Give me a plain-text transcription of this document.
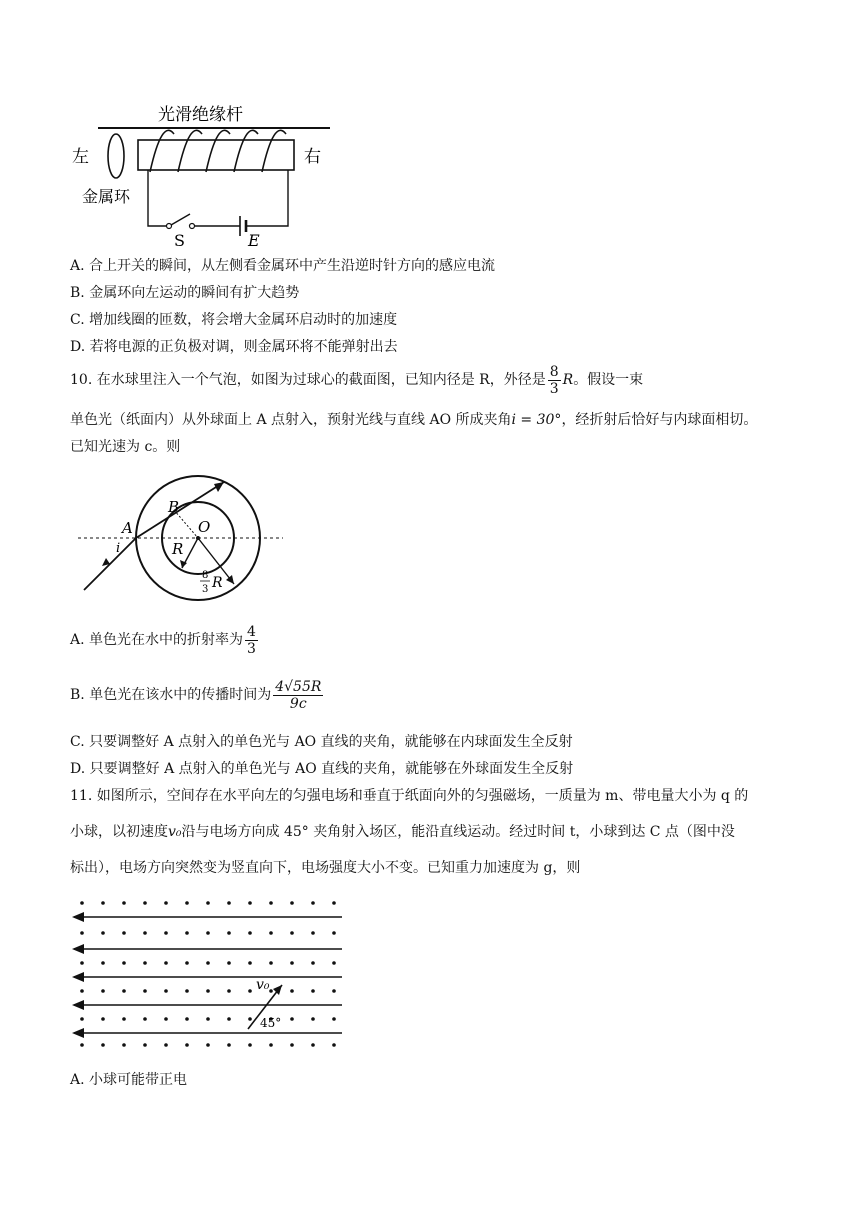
光滑绝缘杆
左	右
金属环
S	E
A. 合上开关的瞬间，从左侧看金属环中产生沿逆时针方向的感应电流
B. 金属环向左运动的瞬间有扩大趋势
C. 增加线圈的匝数，将会增大金属环启动时的加速度
D. 若将电源的正负极对调，则金属环将不能弹射出去
10. 在水球里注入一个气泡，如图为过球心的截面图，已知内径是 R，外径是 $\frac{8}{3}$ R。假设一束
单色光（纸面内）从外球面上 A 点射入，预射光线与直线 AO 所成夹角i = 30°，经折射后恰好与内球面相切。
已知光速为 c。则
A
i
B
O
R
8
3 R
A. 单色光在水中的折射率为 $\frac{4}{3}$
B. 单色光在该水中的传播时间为 $\frac{4√55R}{9c}$
C. 只要调整好 A 点射入的单色光与 AO 直线的夹角，就能够在内球面发生全反射
D. 只要调整好 A 点射入的单色光与 AO 直线的夹角，就能够在外球面发生全反射
11. 如图所示，空间存在水平向左的匀强电场和垂直于纸面向外的匀强磁场，一质量为 m、带电量大小为 q 的
小球，以初速度v₀沿与电场方向成 45° 夹角射入场区，能沿直线运动。经过时间 t，小球到达 C 点（图中没
标出），电场方向突然变为竖直向下，电场强度大小不变。已知重力加速度为 g，则
v₀
45°
A. 小球可能带正电
